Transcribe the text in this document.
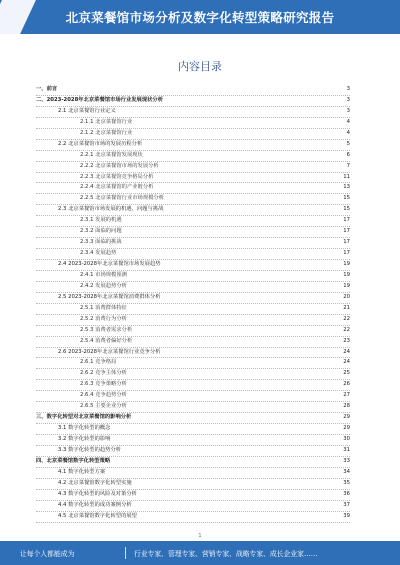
北京菜餐馆市场分析及数字化转型策略研究报告
内容目录
一、前言	3
二、2023-2028年北京菜餐馆市场行业发展现状分析	3
2.1 北京菜餐馆行业定义	3
2.1.1 北京菜餐馆行业	4
2.1.2 北京菜餐馆行业	4
2.2 北京菜餐馆市场的发展历程分析	5
2.2.1 北京菜餐馆发展现状	6
2.2.2 北京菜餐馆市场的发展分析	7
2.2.3 北京菜餐馆竞争格局分析	11
2.2.4 北京菜餐馆的产业链分析	13
2.2.5 北京菜餐馆行业市场规模分析	15
2.3 北京菜餐馆市场发展的机遇、问题与挑战	15
2.3.1 发展的机遇	17
2.3.2 面临的问题	17
2.3.3 面临的挑战	17
2.3.4 发展趋势	17
2.4 2023-2028年北京菜餐馆市场发展趋势	19
2.4.1 市场规模预测	19
2.4.2 发展趋势分析	19
2.5 2023-2028年北京菜餐馆消费群体分析	20
2.5.1 消费群体特征	21
2.5.2 消费行为分析	22
2.5.3 消费者需求分析	22
2.5.4 消费者偏好分析	23
2.6 2023-2028年北京菜餐馆行业竞争分析	24
2.6.1 竞争格局	24
2.6.2 竞争主体分析	25
2.6.3 竞争策略分析	26
2.6.4 竞争趋势分析	27
2.6.5 主要企业分析	28
三、数字化转型对北京菜餐馆的影响分析	29
3.1 数字化转型的概念	29
3.2 数字化转型的影响	30
3.3 数字化转型的趋势分析	31
四、北京菜餐馆数字化转型策略	33
4.1 数字化转型方案	34
4.2 北京菜餐馆数字化转型实施	35
4.3 数字化转型的风险及对策分析	36
4.4 数字化转型的成功案例分析	37
4.5 北京菜餐馆数字化转型的展望	39
1
让每个人都能成为	行业专家、管理专家、营销专家、战略专家、成长企业家……
